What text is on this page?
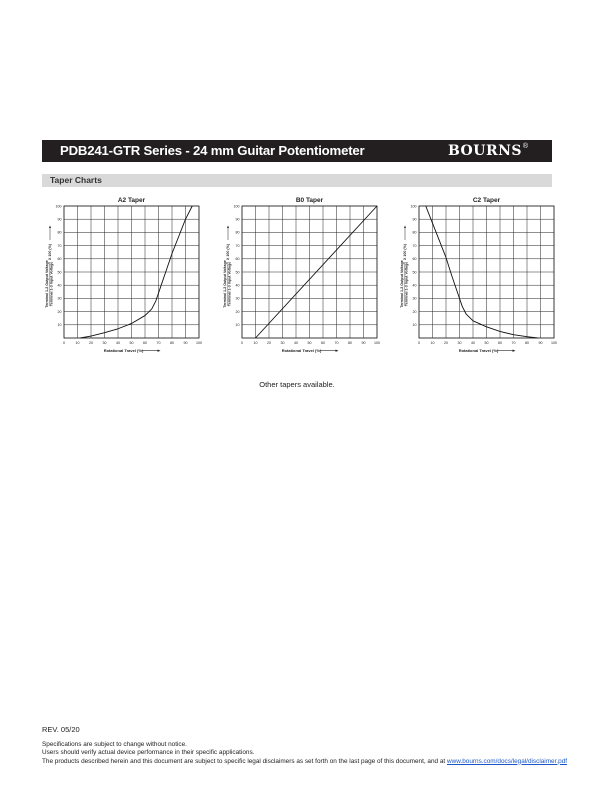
PDB241-GTR Series - 24 mm Guitar Potentiometer	BOURNS ®
Taper Charts
A2 Taper
0	10	20	30	40	50	60	70	80	90 100
10
20
30
40
50
60
70
80
90
100
Rotational Travel (%)
Terminal 1-2 Output Voltage Terminal 1-3 Input Voltage
X 100 (%)
B0 Taper
0	10	20	30	40	50	60	70	80	90 100
10
20
30
40
50
60
70
80
90
100
Rotational Travel (%)
Terminal 1-2 Output Voltage Terminal 1-3 Input Voltage
X 100 (%)
C2 Taper
0	10	20	30	40	50	60	70	80	90 100
10
20
30
40
50
60
70
80
90
100
Rotational Travel (%)
Terminal 1-2 Output Voltage Terminal 1-3 Input Voltage
X 100 (%)
Other tapers available.
REV. 05/20
Specifications are subject to change without notice.
Users should verify actual device performance in their specific applications.
The products described herein and this document are subject to specific legal disclaimers as set forth on the last page of this document, and at www.bourns.com/docs/legal/disclaimer.pdf
